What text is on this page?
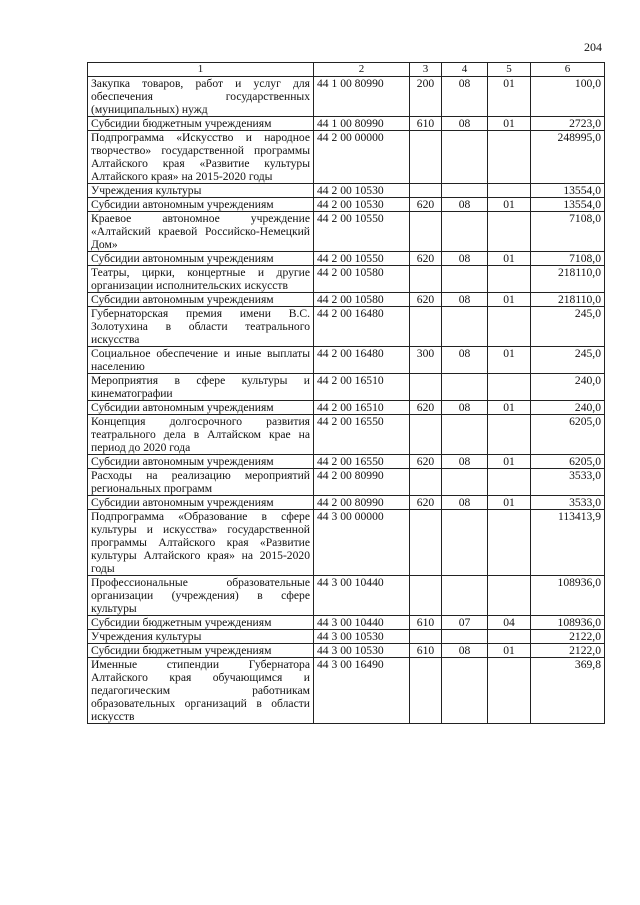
204
1	2	3	4	5	6
Закупка товаров, работ и услуг для обеспечения государственных (муниципальных) нужд	44 1 00 80990	200	08	01	100,0
Субсидии бюджетным учреждениям	44 1 00 80990	610	08	01	2723,0
Подпрограмма «Искусство и народное творчество» государственной программы Алтайского края «Развитие культуры Алтайского края» на 2015-2020 годы	44 2 00 00000				248995,0
Учреждения культуры	44 2 00 10530				13554,0
Субсидии автономным учреждениям	44 2 00 10530	620	08	01	13554,0
Краевое автономное учреждение «Алтайский краевой Российско-Немецкий Дом»	44 2 00 10550				7108,0
Субсидии автономным учреждениям	44 2 00 10550	620	08	01	7108,0
Театры, цирки, концертные и другие организации исполнительских искусств	44 2 00 10580				218110,0
Субсидии автономным учреждениям	44 2 00 10580	620	08	01	218110,0
Губернаторская премия имени В.С. Золотухина в области театрального искусства	44 2 00 16480				245,0
Социальное обеспечение и иные выплаты населению	44 2 00 16480	300	08	01	245,0
Мероприятия в сфере культуры и кинематографии	44 2 00 16510				240,0
Субсидии автономным учреждениям	44 2 00 16510	620	08	01	240,0
Концепция долгосрочного развития театрального дела в Алтайском крае на период до 2020 года	44 2 00 16550				6205,0
Субсидии автономным учреждениям	44 2 00 16550	620	08	01	6205,0
Расходы на реализацию мероприятий региональных программ	44 2 00 80990				3533,0
Субсидии автономным учреждениям	44 2 00 80990	620	08	01	3533,0
Подпрограмма «Образование в сфере культуры и искусства» государственной программы Алтайского края «Развитие культуры Алтайского края» на 2015-2020 годы	44 3 00 00000				113413,9
Профессиональные образовательные организации (учреждения) в сфере культуры	44 3 00 10440				108936,0
Субсидии бюджетным учреждениям	44 3 00 10440	610	07	04	108936,0
Учреждения культуры	44 3 00 10530				2122,0
Субсидии бюджетным учреждениям	44 3 00 10530	610	08	01	2122,0
Именные стипендии Губернатора Алтайского края обучающимся и педагогическим работникам образовательных организаций в области искусств	44 3 00 16490				369,8
